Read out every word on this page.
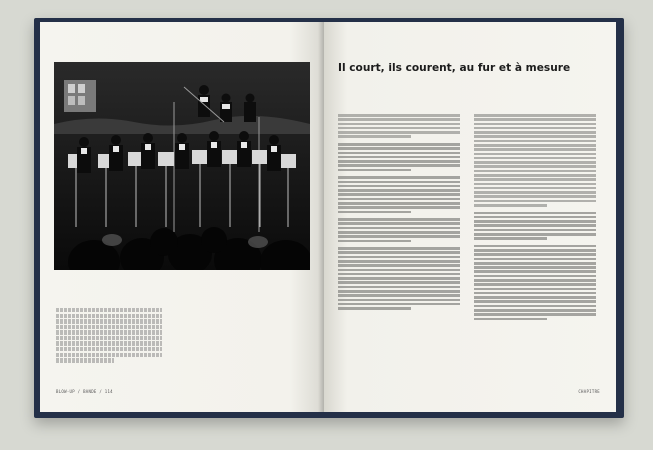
BLOW-UP / BANDE / 114
Il court, ils courent, au fur et à mesure
CHAPITRE
